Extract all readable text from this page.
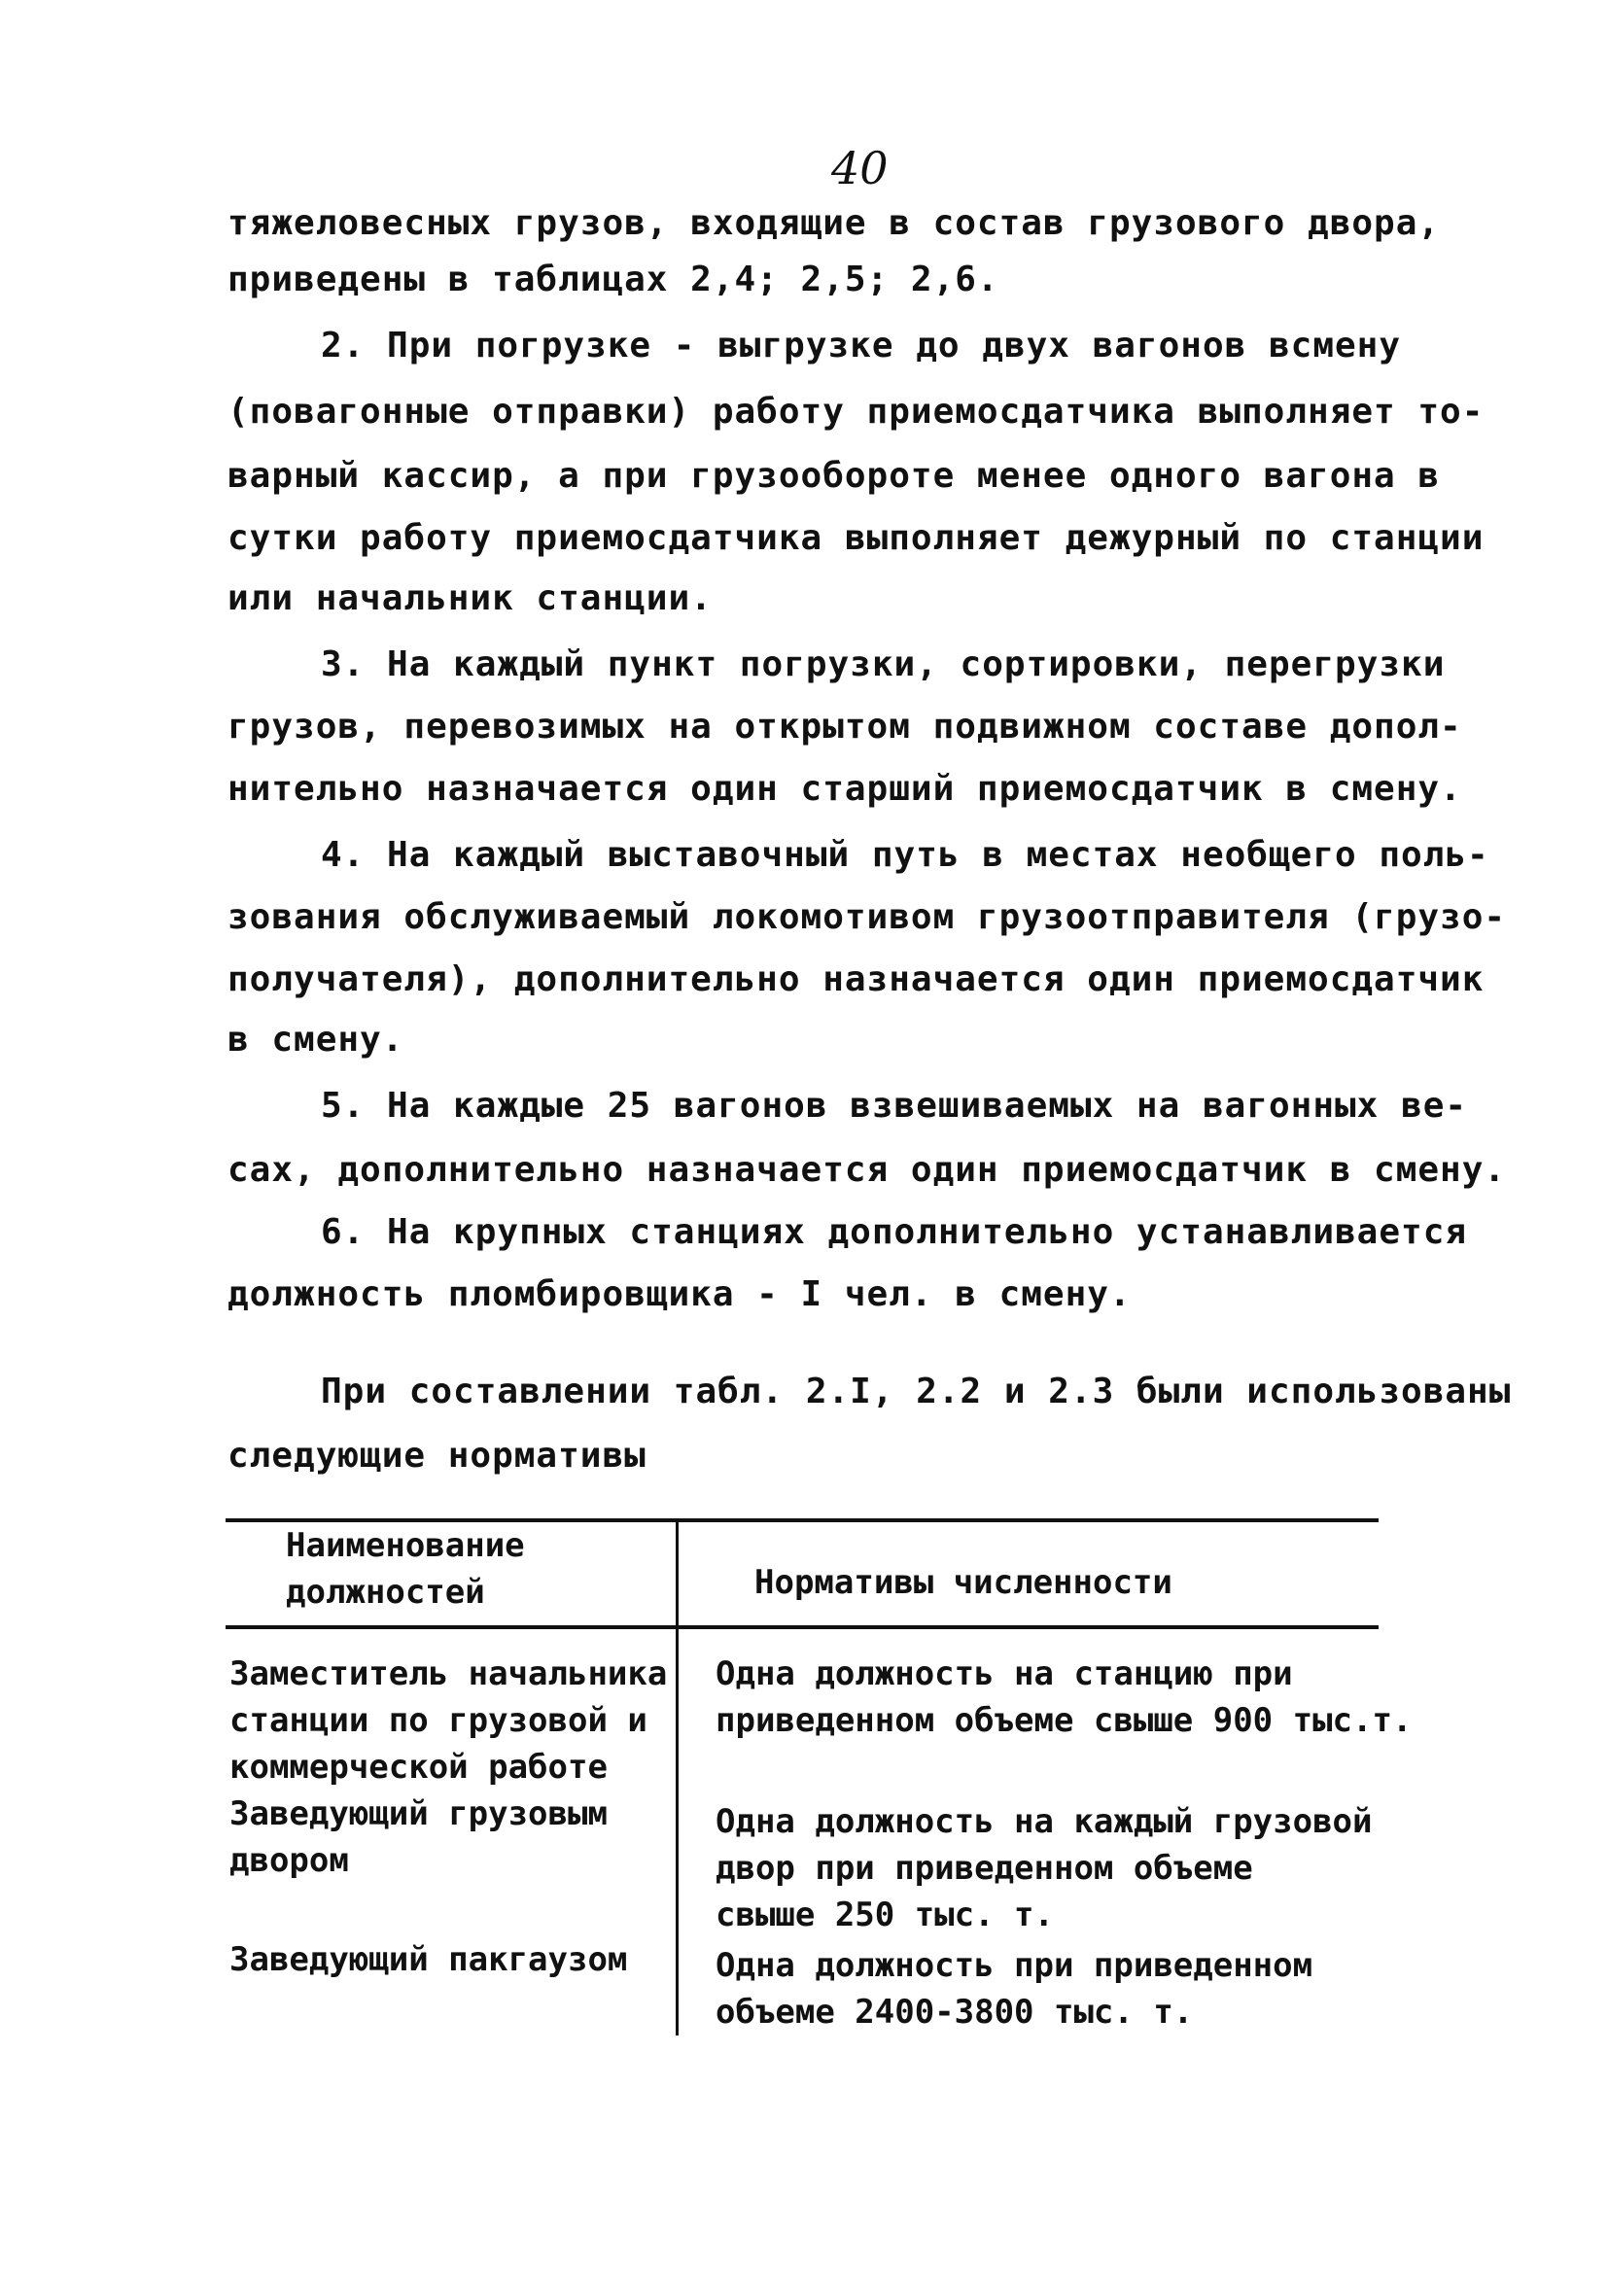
40
тяжеловесных грузов, входящие в состав грузового двора,
приведены в таблицах 2,4; 2,5; 2,6.
2. При погрузке - выгрузке до двух вагонов всмену
(повагонные отправки) работу приемосдатчика выполняет то-
варный кассир, а при грузообороте менее одного вагона в
сутки работу приемосдатчика выполняет дежурный по станции
или начальник станции.
3. На каждый пункт погрузки, сортировки, перегрузки
грузов, перевозимых на открытом подвижном составе допол-
нительно назначается один старший приемосдатчик в смену.
4. На каждый выставочный путь в местах необщего поль-
зования обслуживаемый локомотивом грузоотправителя (грузо-
получателя), дополнительно назначается один приемосдатчик
в смену.
5. На каждые 25 вагонов взвешиваемых на вагонных ве-
сах, дополнительно назначается один приемосдатчик в смену.
6. На крупных станциях дополнительно устанавливается
должность пломбировщика - I чел. в смену.
При составлении табл. 2.I, 2.2 и 2.3 были использованы
следующие нормативы
Наименование
должностей	Нормативы численности
Заместитель начальника
станции по грузовой и
коммерческой работе
Одна должность на станцию при
приведенном объеме свыше 900 тыс.т.
Заведующий грузовым
двором
Одна должность на каждый грузовой
двор при приведенном объеме
свыше 250 тыс. т.
Заведующий пакгаузом	Одна должность при приведенном
объеме 2400-3800 тыс. т.
